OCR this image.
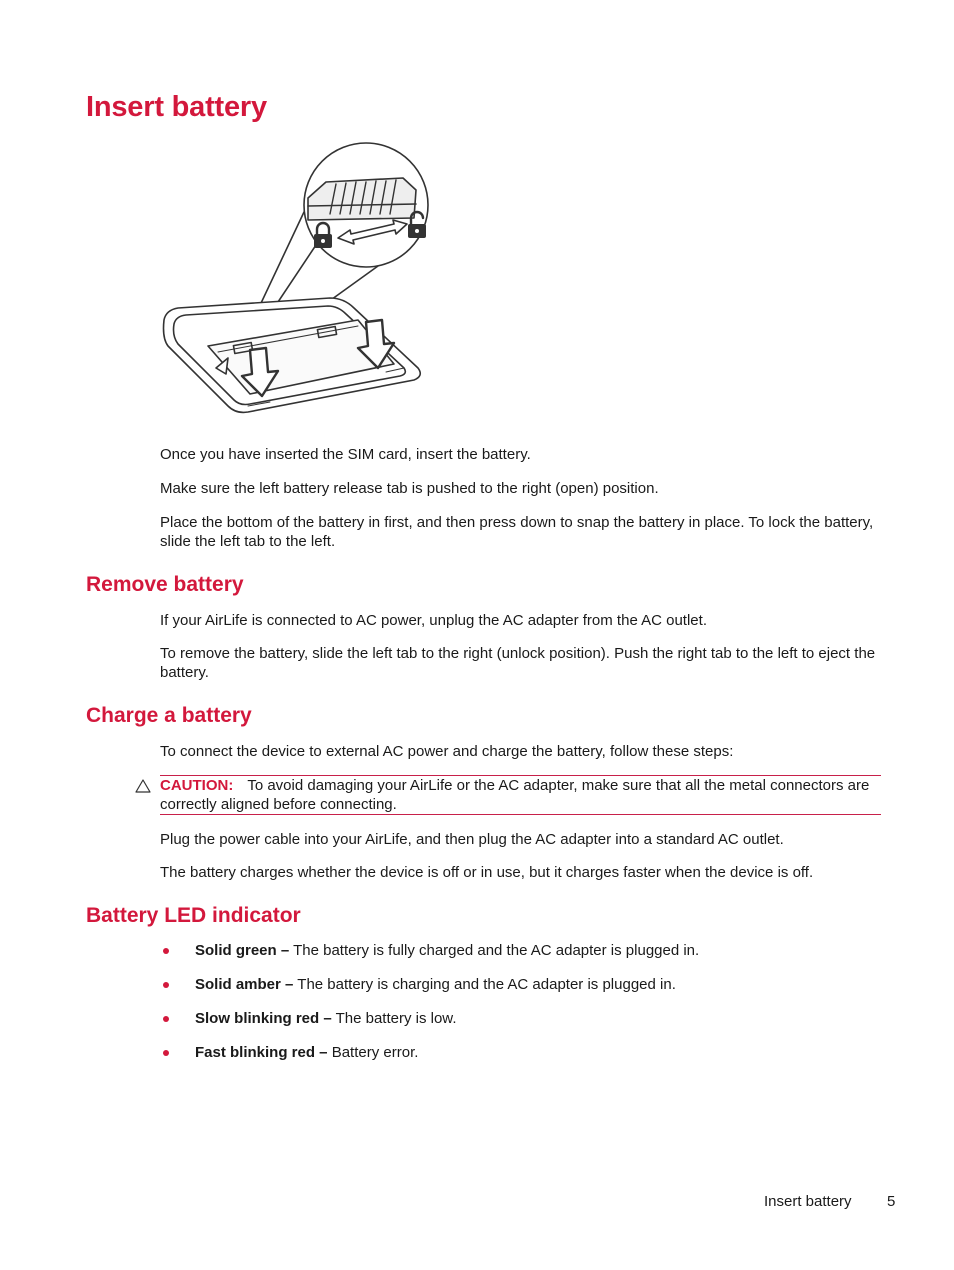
Insert battery

Once you have inserted the SIM card, insert the battery.

Make sure the left battery release tab is pushed to the right (open) position.

Place the bottom of the battery in first, and then press down to snap the battery in place. To lock the battery, slide the left tab to the left.

Remove battery

If your AirLife is connected to AC power, unplug the AC adapter from the AC outlet.

To remove the battery, slide the left tab to the right (unlock position). Push the right tab to the left to eject the battery.

Charge a battery

To connect the device to external AC power and charge the battery, follow these steps:

CAUTION: To avoid damaging your AirLife or the AC adapter, make sure that all the metal connectors are correctly aligned before connecting.

Plug the power cable into your AirLife, and then plug the AC adapter into a standard AC outlet.

The battery charges whether the device is off or in use, but it charges faster when the device is off.

Battery LED indicator
Solid green – The battery is fully charged and the AC adapter is plugged in.
Solid amber – The battery is charging and the AC adapter is plugged in.
Slow blinking red – The battery is low.
Fast blinking red – Battery error.
Insert battery 5
